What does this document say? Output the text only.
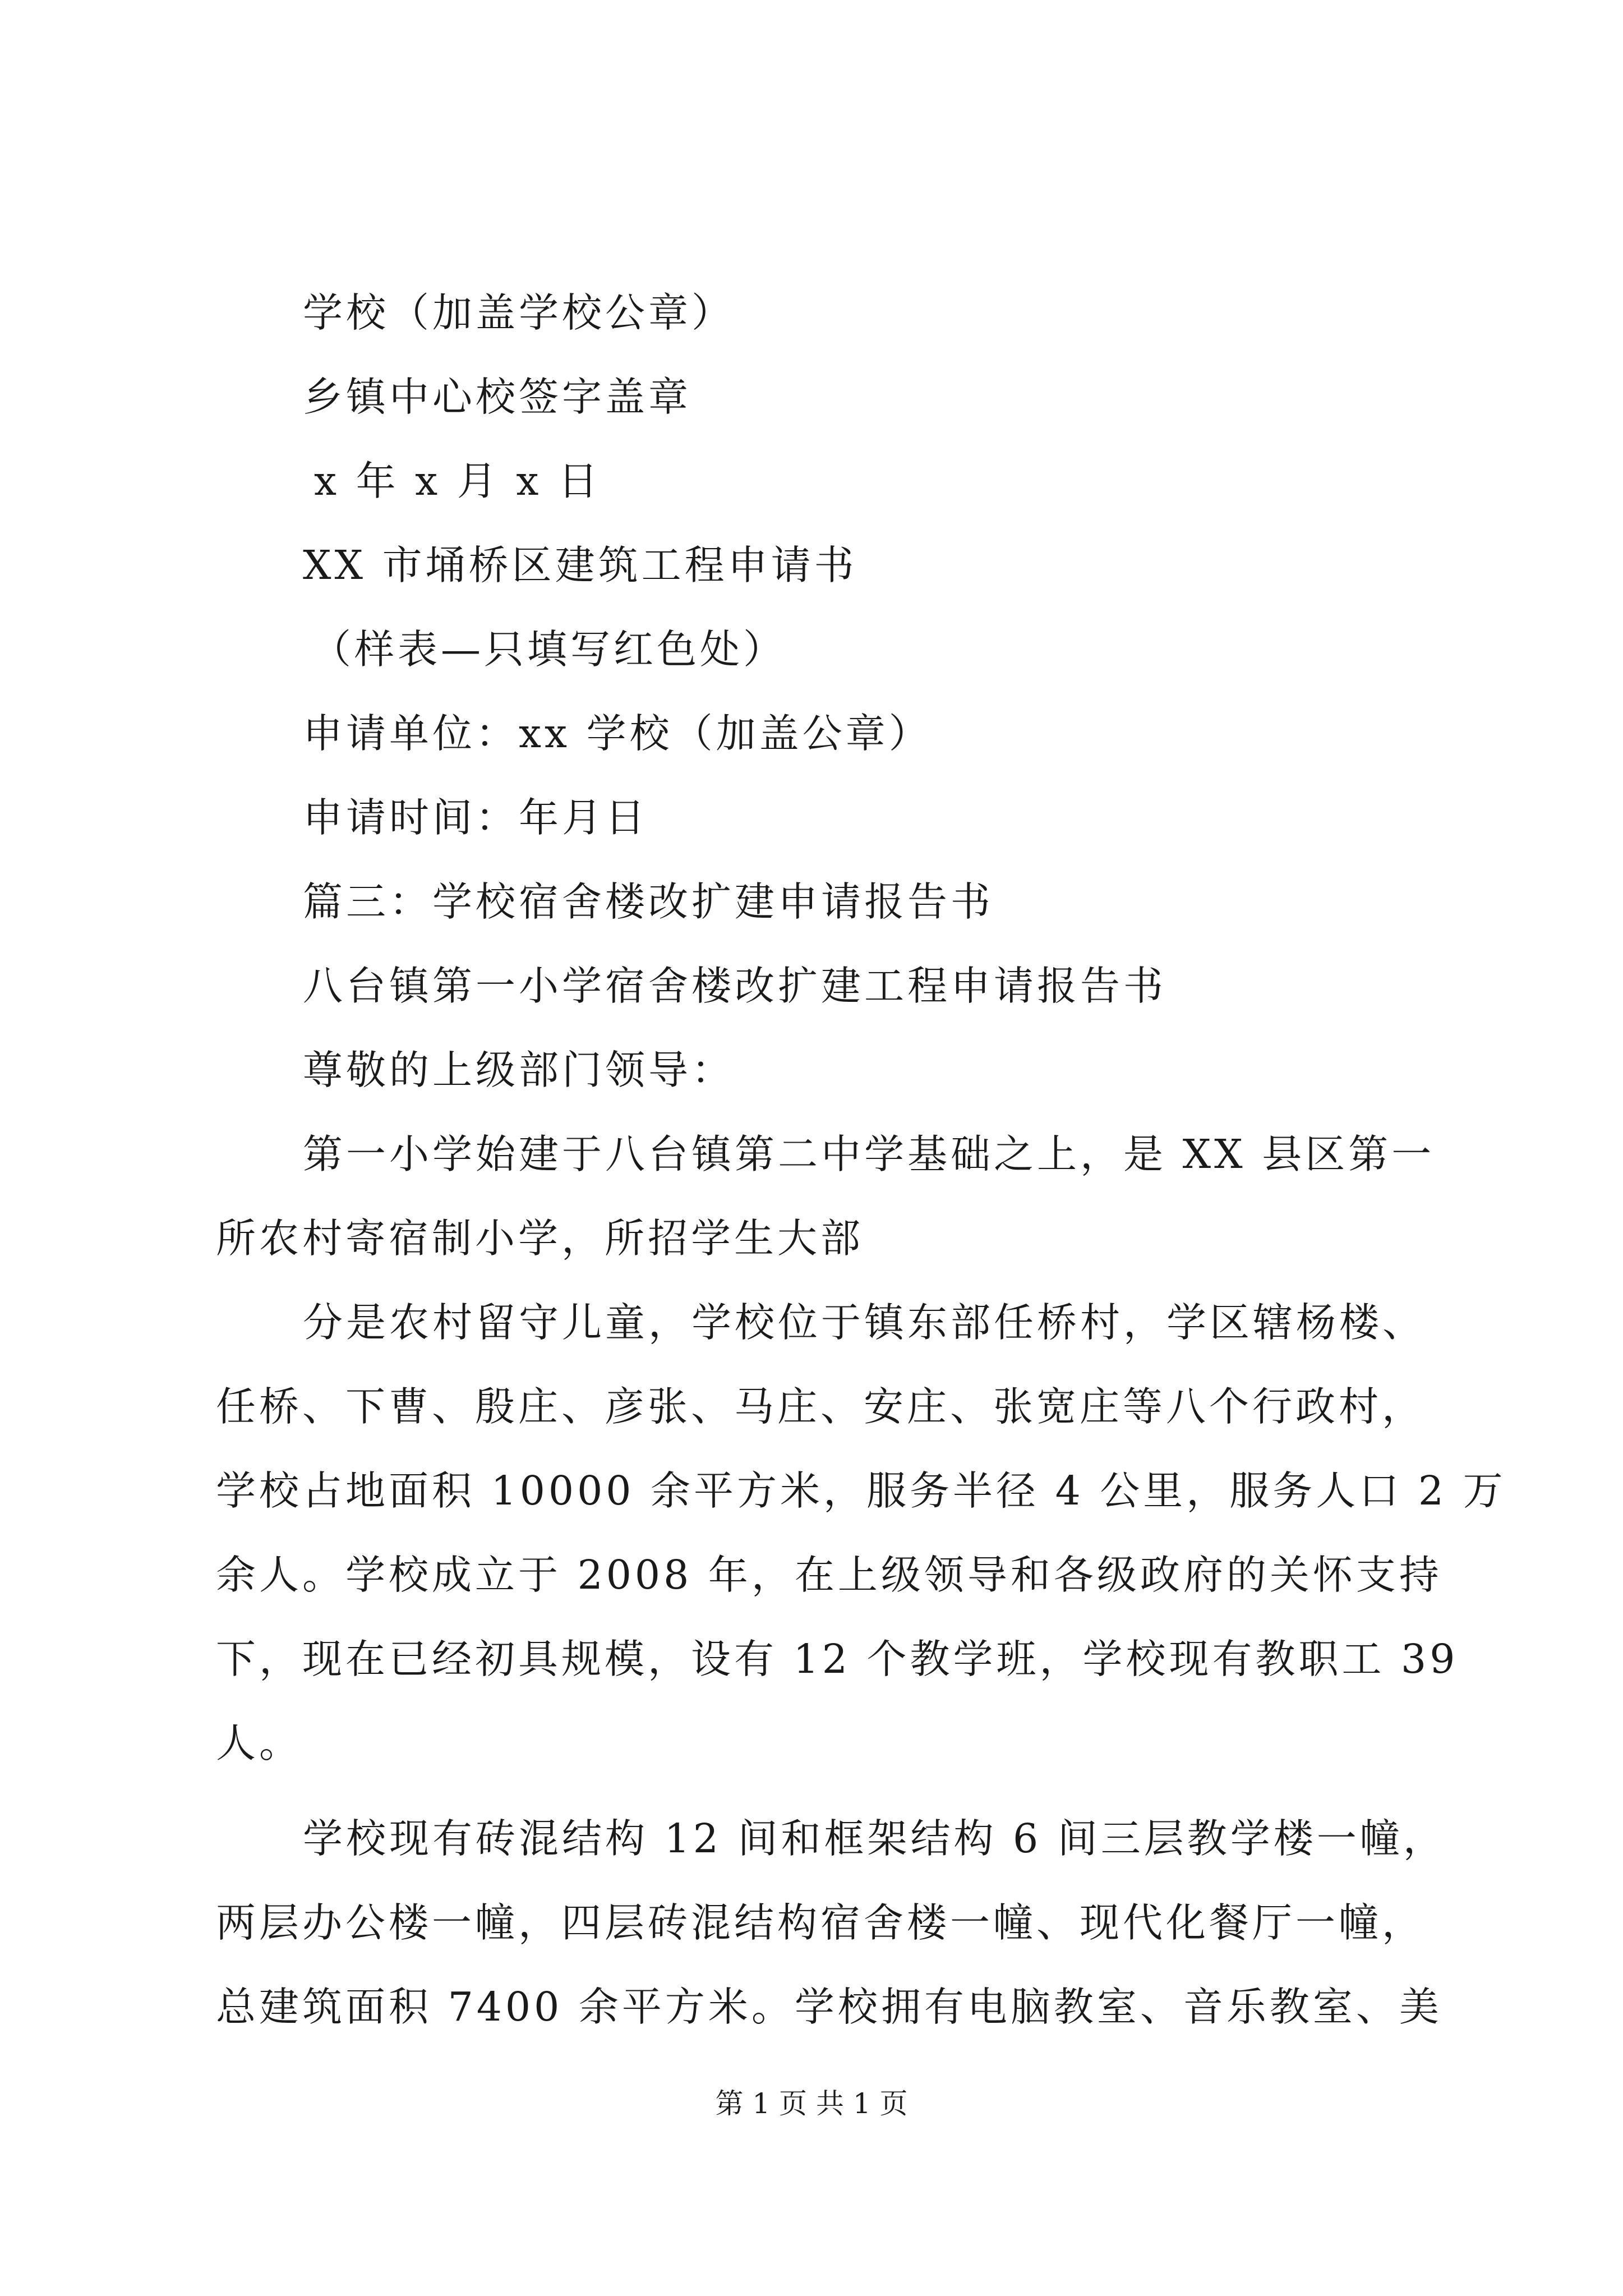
学校（加盖学校公章）
乡镇中心校签字盖章
x 年 x 月 x 日
XX 市埇桥区建筑工程申请书
（样表—只填写红色处）
申请单位：xx 学校（加盖公章）
申请时间：年月日
篇三：学校宿舍楼改扩建申请报告书
八台镇第一小学宿舍楼改扩建工程申请报告书
尊敬的上级部门领导：
第一小学始建于八台镇第二中学基础之上，是 XX 县区第一
所农村寄宿制小学，所招学生大部
分是农村留守儿童，学校位于镇东部任桥村，学区辖杨楼、
任桥、下曹、殷庄、彦张、马庄、安庄、张宽庄等八个行政村，
学校占地面积 10000 余平方米，服务半径 4 公里，服务人口 2 万
余人。学校成立于 2008 年，在上级领导和各级政府的关怀支持
下，现在已经初具规模，设有 12 个教学班，学校现有教职工 39
人。
学校现有砖混结构 12 间和框架结构 6 间三层教学楼一幢，
两层办公楼一幢，四层砖混结构宿舍楼一幢、现代化餐厅一幢，
总建筑面积 7400 余平方米。学校拥有电脑教室、音乐教室、美
第 1 页 共 1 页
